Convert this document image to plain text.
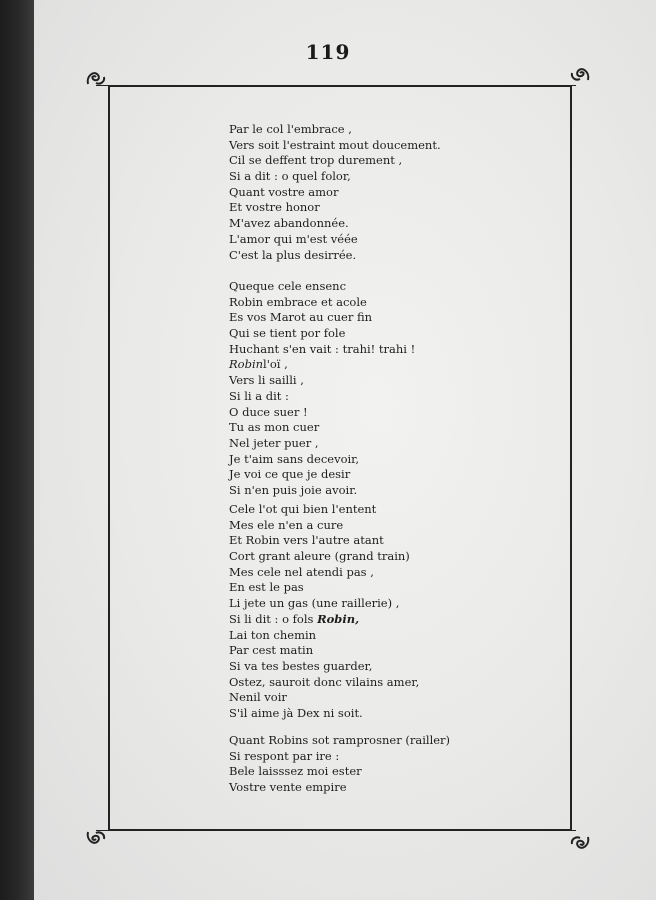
119
Par le col l'embrace ,
Vers soit l'estraint mout doucement.
Cil se deffent trop durement ,
Si a dit : o quel folor,
Quant vostre amor
Et vostre honor
M'avez abandonnée.
L'amor qui m'est véée
C'est la plus desirrée.
Queque cele ensenc
Robin embrace et acole
Es vos Marot au cuer fin
Qui se tient por fole
Huchant s'en vait : trahi! trahi !
Robinl'oï ,
Vers li sailli ,
Si li a dit :
O duce suer !
Tu as mon cuer
Nel jeter puer ,
Je t'aim sans decevoir,
Je voi ce que je desir
Si n'en puis joie avoir.
Cele l'ot qui bien l'entent
Mes ele n'en a cure
Et Robin vers l'autre atant
Cort grant aleure (grand train)
Mes cele nel atendi pas ,
En est le pas
Li jete un gas (une raillerie) ,
Si li dit : o fols Robin,
Lai ton chemin
Par cest matin
Si va tes bestes guarder,
Ostez, sauroit donc vilains amer,
Nenil voir
S'il aime jà Dex ni soit.
Quant Robins sot ramprosner (railler)
Si respont par ire :
Bele laisssez moi ester
Vostre vente empire
